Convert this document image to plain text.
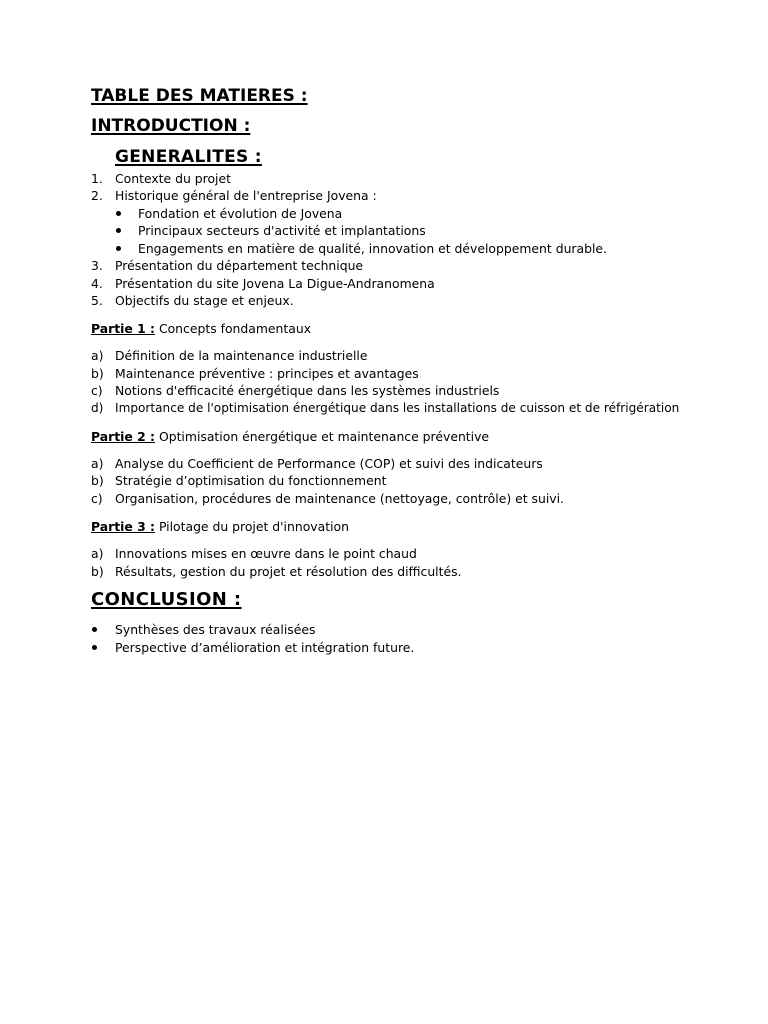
TABLE DES MATIERES :
INTRODUCTION :
GENERALITES :
1. Contexte du projet
2. Historique général de l'entreprise Jovena :
Fondation et évolution de Jovena
Principaux secteurs d'activité et implantations
Engagements en matière de qualité, innovation et développement durable.
3. Présentation du département technique
4. Présentation du site Jovena La Digue-Andranomena
5. Objectifs du stage et enjeux.
Partie 1 : Concepts fondamentaux
a) Définition de la maintenance industrielle
b) Maintenance préventive : principes et avantages
c) Notions d'efficacité énergétique dans les systèmes industriels
d) Importance de l'optimisation énergétique dans les installations de cuisson et de réfrigération
Partie 2 : Optimisation énergétique et maintenance préventive
a) Analyse du Coefficient de Performance (COP) et suivi des indicateurs
b) Stratégie d’optimisation du fonctionnement
c) Organisation, procédures de maintenance (nettoyage, contrôle) et suivi.
Partie 3 : Pilotage du projet d'innovation
a) Innovations mises en œuvre dans le point chaud
b) Résultats, gestion du projet et résolution des difficultés.
CONCLUSION :
Synthèses des travaux réalisées
Perspective d’amélioration et intégration future.
